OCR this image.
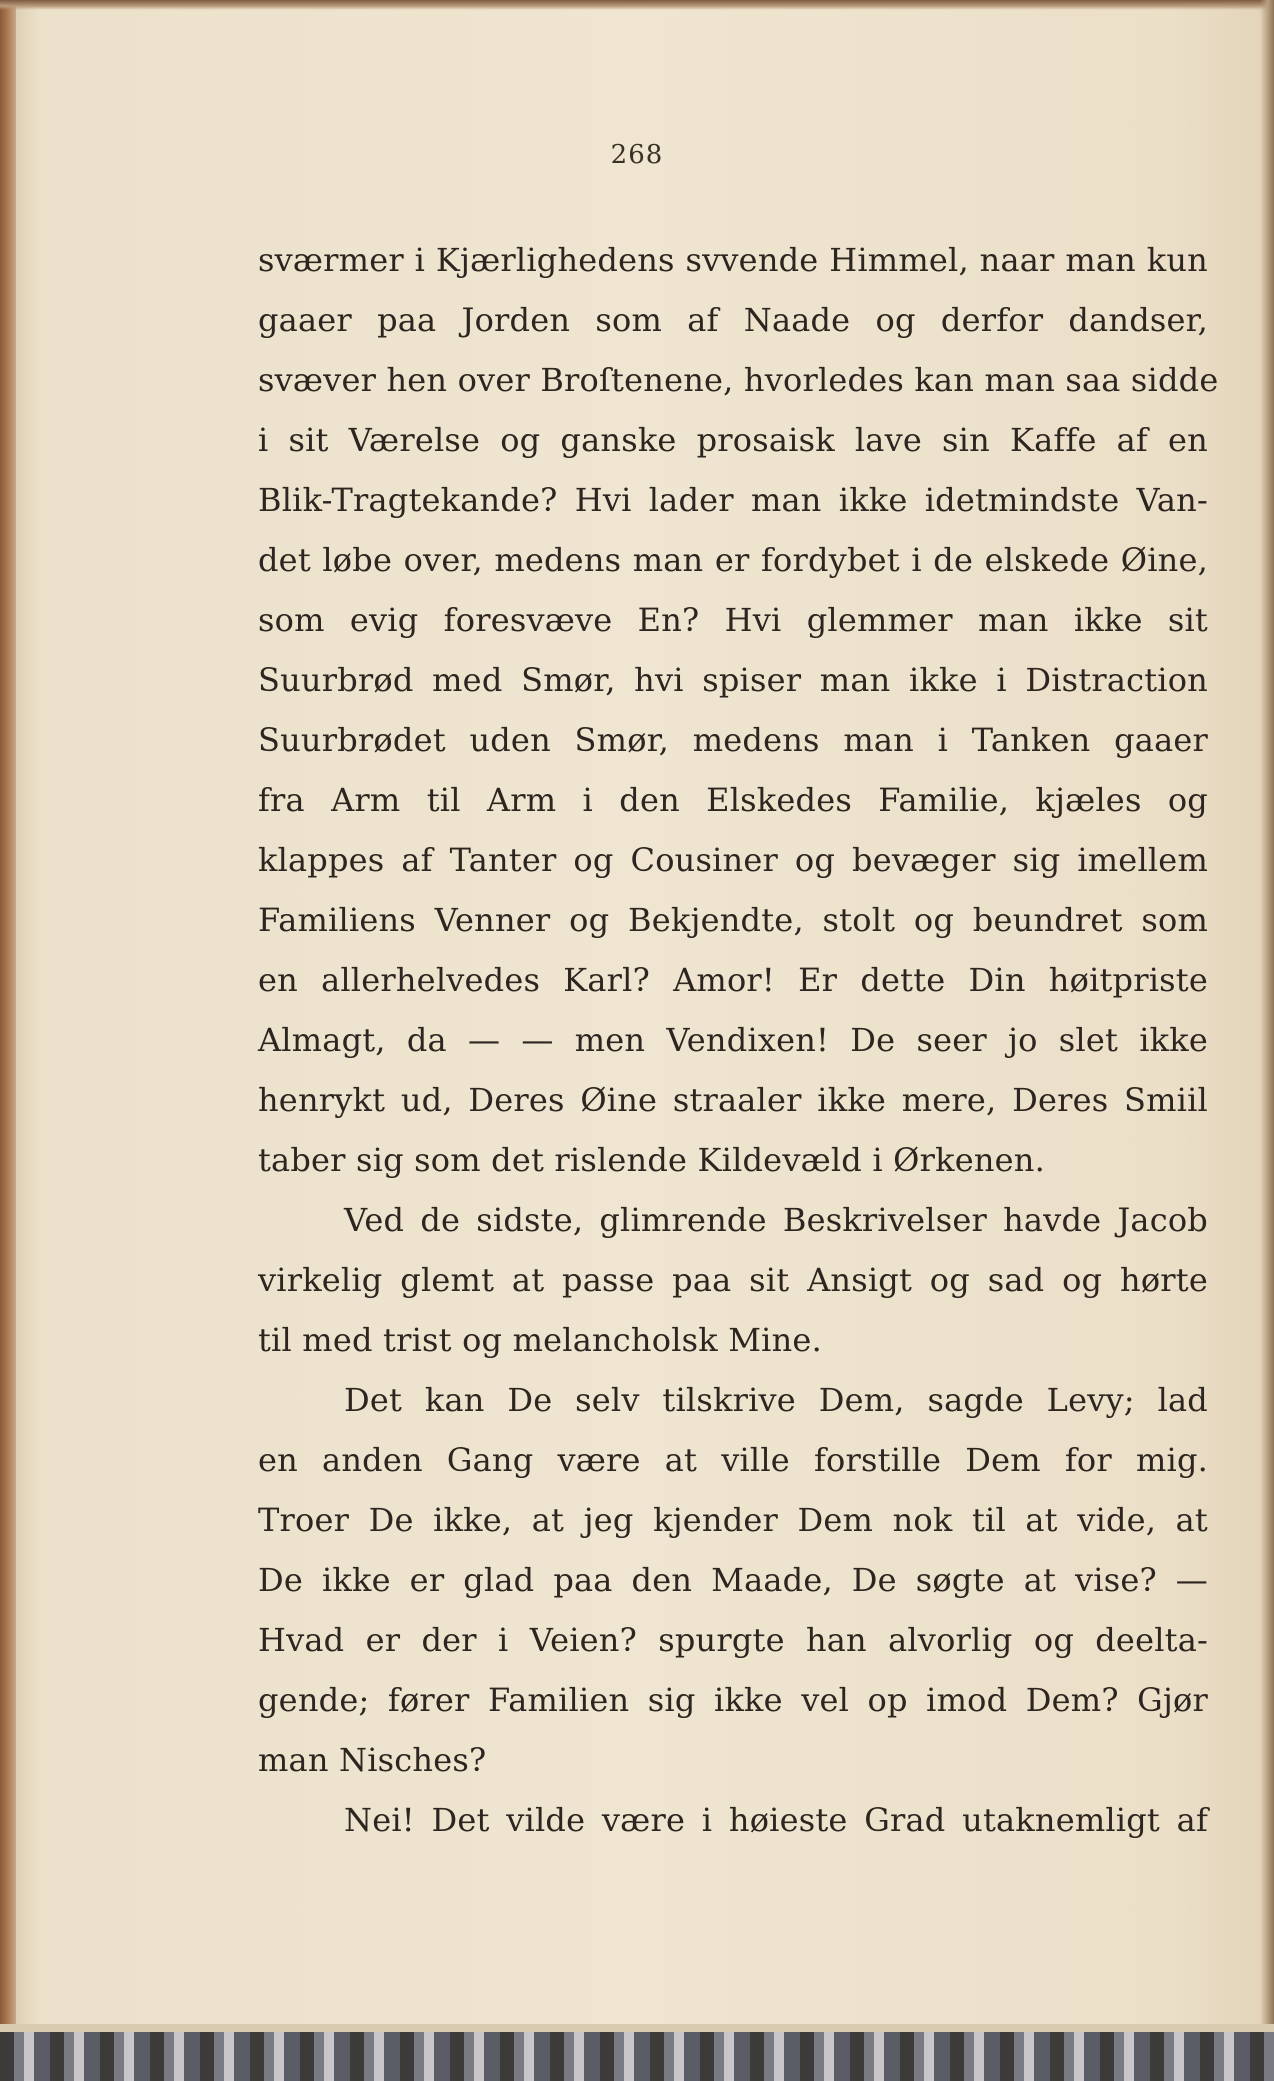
268
sværmer i Kjærlighedens svvende Himmel, naar man kun
gaaer paa Jorden som af Naade og derfor dandser,
svæver hen over Broſtenene, hvorledes kan man saa sidde
i sit Værelse og ganske prosaisk lave sin Kaffe af en
Blik-Tragtekande? Hvi lader man ikke idetmindste Van-
det løbe over, medens man er fordybet i de elskede Øine,
som evig foresvæve En? Hvi glemmer man ikke sit
Suurbrød med Smør, hvi spiser man ikke i Distraction
Suurbrødet uden Smør, medens man i Tanken gaaer
fra Arm til Arm i den Elskedes Familie, kjæles og
klappes af Tanter og Cousiner og bevæger sig imellem
Familiens Venner og Bekjendte, stolt og beundret som
en allerhelvedes Karl? Amor! Er dette Din høitpriste
Almagt, da — — men Vendixen! De seer jo slet ikke
henrykt ud, Deres Øine straaler ikke mere, Deres Smiil
taber sig som det rislende Kildevæld i Ørkenen.
Ved de sidste, glimrende Beskrivelser havde Jacob
virkelig glemt at passe paa sit Ansigt og sad og hørte
til med trist og melancholsk Mine.
Det kan De selv tilskrive Dem, sagde Levy; lad
en anden Gang være at ville forstille Dem for mig.
Troer De ikke, at jeg kjender Dem nok til at vide, at
De ikke er glad paa den Maade, De søgte at vise? —
Hvad er der i Veien? spurgte han alvorlig og deelta-
gende; fører Familien sig ikke vel op imod Dem? Gjør
man Nisches?
Nei! Det vilde være i høieste Grad utaknemligt af
